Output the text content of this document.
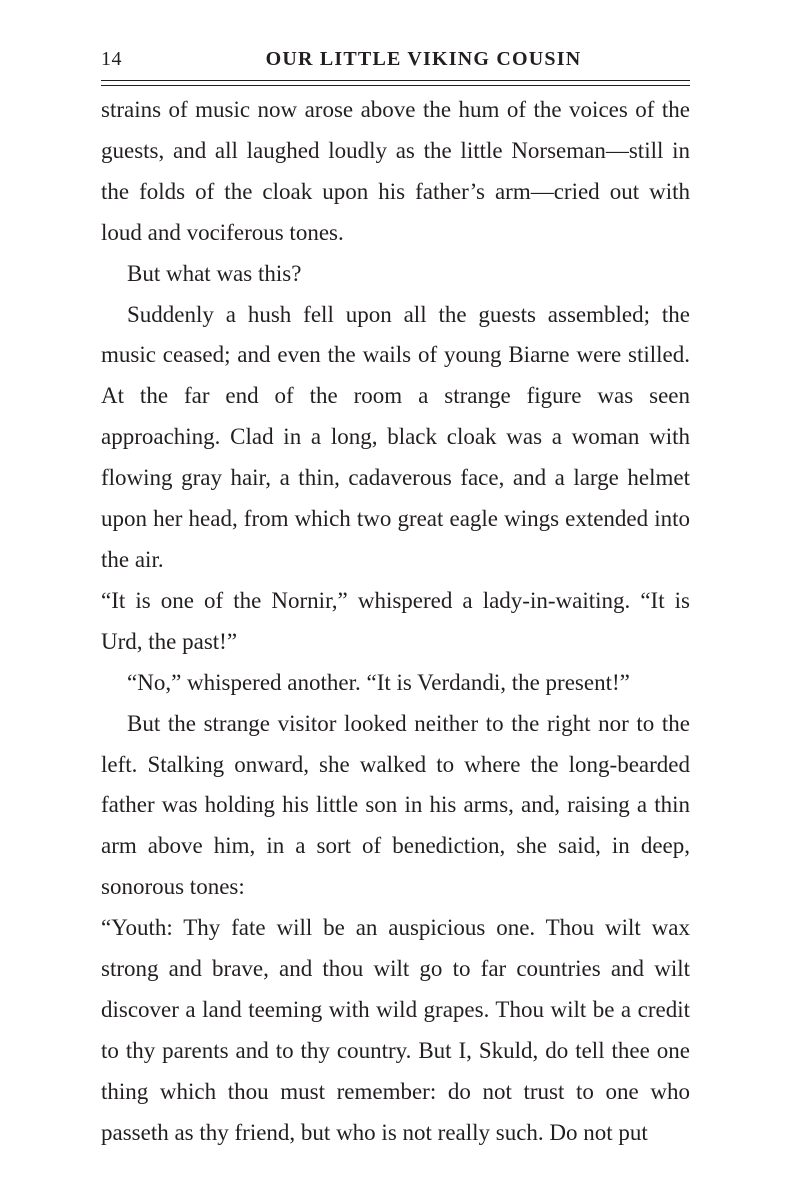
14	OUR LITTLE VIKING COUSIN

strains of music now arose above the hum of the voices of the guests, and all laughed loudly as the little Norseman—still in the folds of the cloak upon his father’s arm—cried out with loud and vociferous tones.

But what was this?

Suddenly a hush fell upon all the guests assembled; the music ceased; and even the wails of young Biarne were stilled. At the far end of the room a strange figure was seen approaching. Clad in a long, black cloak was a woman with flowing gray hair, a thin, cadaverous face, and a large helmet upon her head, from which two great eagle wings extended into the air.

“It is one of the Nornir,” whispered a lady-in-waiting. “It is Urd, the past!”

“No,” whispered another. “It is Verdandi, the present!”

But the strange visitor looked neither to the right nor to the left. Stalking onward, she walked to where the long-bearded father was holding his little son in his arms, and, raising a thin arm above him, in a sort of benediction, she said, in deep, sonorous tones:

“Youth: Thy fate will be an auspicious one. Thou wilt wax strong and brave, and thou wilt go to far countries and wilt discover a land teeming with wild grapes. Thou wilt be a credit to thy parents and to thy country. But I, Skuld, do tell thee one thing which thou must remember: do not trust to one who passeth as thy friend, but who is not really such. Do not put
